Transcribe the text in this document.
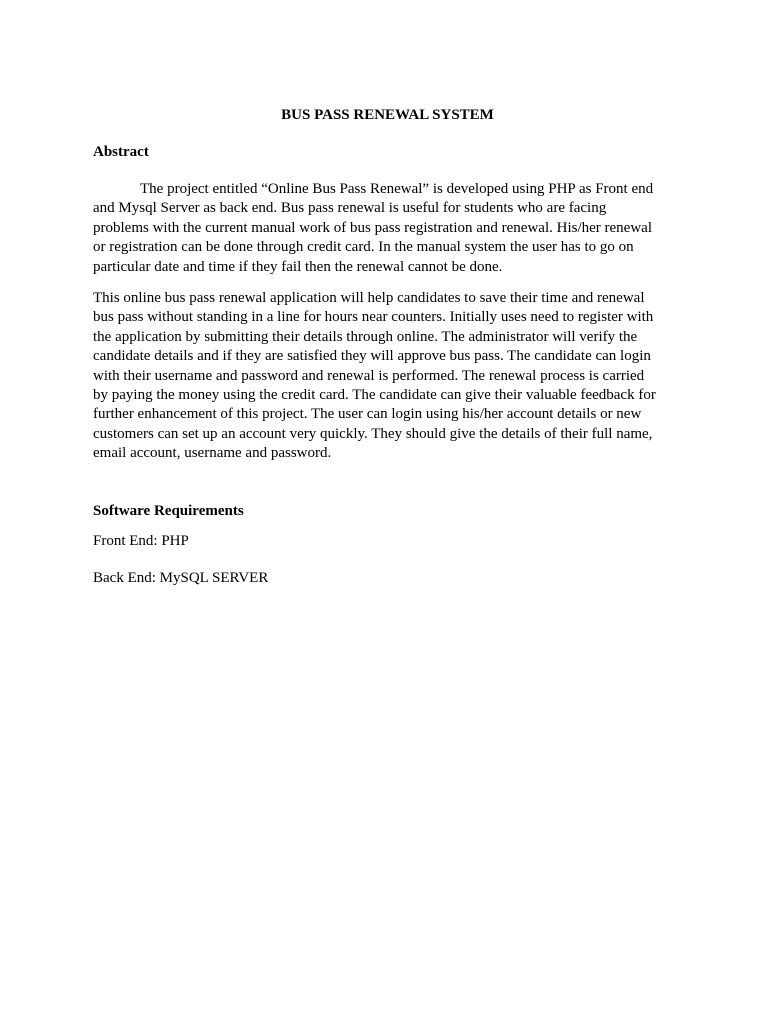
BUS PASS RENEWAL SYSTEM
Abstract

The project entitled “Online Bus Pass Renewal” is developed using PHP as Front end
and Mysql Server as back end. Bus pass renewal is useful for students who are facing
problems with the current manual work of bus pass registration and renewal. His/her renewal
or registration can be done through credit card. In the manual system the user has to go on
particular date and time if they fail then the renewal cannot be done.

This online bus pass renewal application will help candidates to save their time and renewal
bus pass without standing in a line for hours near counters. Initially uses need to register with
the application by submitting their details through online. The administrator will verify the
candidate details and if they are satisfied they will approve bus pass. The candidate can login
with their username and password and renewal is performed. The renewal process is carried
by paying the money using the credit card. The candidate can give their valuable feedback for
further enhancement of this project. The user can login using his/her account details or new
customers can set up an account very quickly. They should give the details of their full name,
email account, username and password.

Software Requirements

Front End: PHP

Back End: MySQL SERVER
